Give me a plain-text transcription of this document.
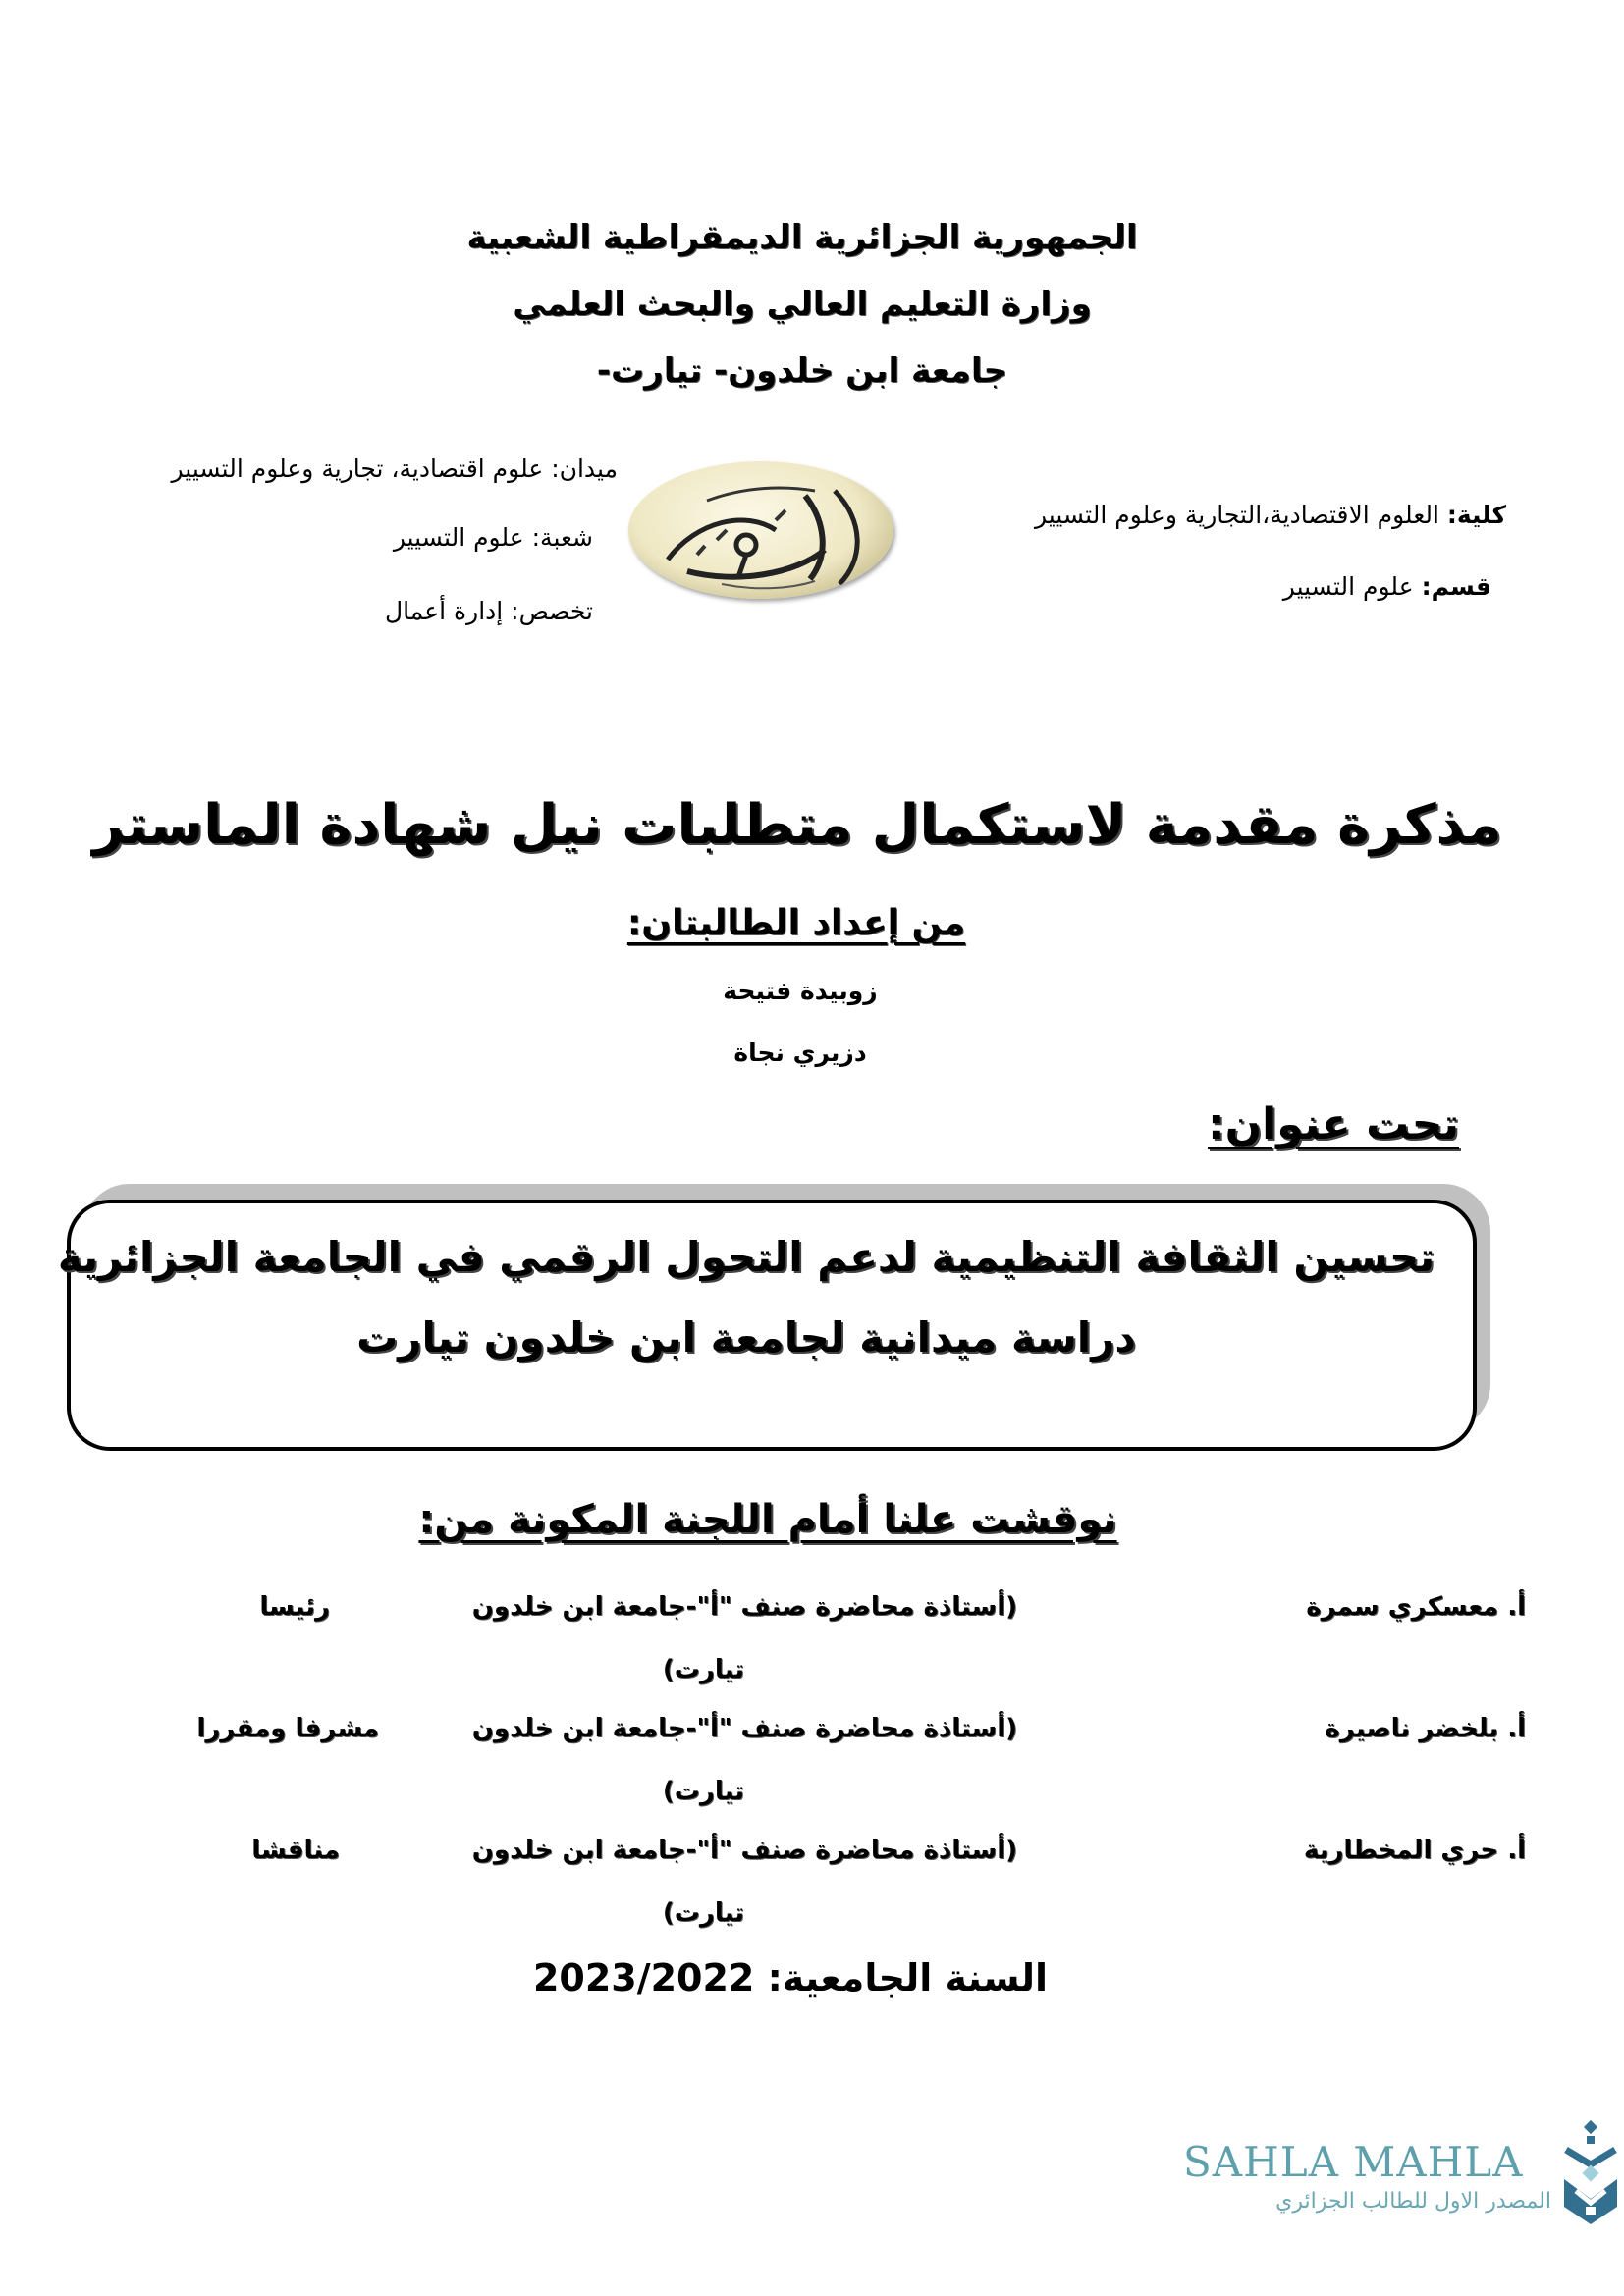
الجمهورية الجزائرية الديمقراطية الشعبية
وزارة التعليم العالي والبحث العلمي
جامعة ابن خلدون- تيارت-
ميدان: علوم اقتصادية، تجارية وعلوم التسيير
شعبة: علوم التسيير
تخصص: إدارة أعمال
كلية: العلوم الاقتصادية،التجارية وعلوم التسيير
قسم: علوم التسيير
مذكرة مقدمة لاستكمال متطلبات نيل شهادة الماستر
من إعداد الطالبتان:
زوبيدة فتيحة
دزيري نجاة
تحت عنوان:
تحسين الثقافة التنظيمية لدعم التحول الرقمي في الجامعة الجزائرية
دراسة ميدانية لجامعة ابن خلدون تيارت
نوقشت علنا أمام اللجنة المكونة من:
أ. معسكري سمرة
(أستاذة محاضرة صنف "أ"-جامعة ابن خلدون
رئيسا
تيارت)
أ. بلخضر ناصيرة
(أستاذة محاضرة صنف "أ"-جامعة ابن خلدون
مشرفا ومقررا
تيارت)
أ. حري المخطارية
(أستاذة محاضرة صنف "أ"-جامعة ابن خلدون
مناقشا
تيارت)
السنة الجامعية: 2023/2022
SAHLA MAHLA
المصدر الاول للطالب الجزائري
